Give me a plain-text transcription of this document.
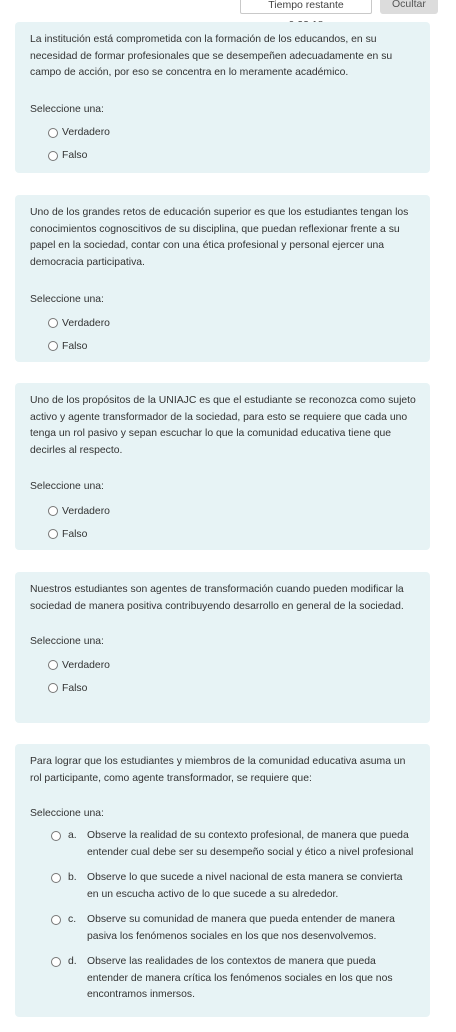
Tiempo restante	Ocultar

La institución está comprometida con la formación de los educandos, en su necesidad de formar profesionales que se desempeñen adecuadamente en su campo de acción, por eso se concentra en lo meramente académico.

Seleccione una:

Verdadero
Falso

Uno de los grandes retos de educación superior es que los estudiantes tengan los conocimientos cognoscitivos de su disciplina, que puedan reflexionar frente a su papel en la sociedad, contar con una ética profesional y personal ejercer una democracia participativa.

Seleccione una:

Verdadero
Falso

Uno de los propósitos de la UNIAJC es que el estudiante se reconozca como sujeto activo y agente transformador de la sociedad, para esto se requiere que cada uno tenga un rol pasivo y sepan escuchar lo que la comunidad educativa tiene que decirles al respecto.

Seleccione una:

Verdadero
Falso

Nuestros estudiantes son agentes de transformación cuando pueden modificar la sociedad de manera positiva contribuyendo desarrollo en general de la sociedad.

Seleccione una:

Verdadero
Falso

Para lograr que los estudiantes y miembros de la comunidad educativa asuma un rol participante, como agente transformador, se requiere que:

Seleccione una:

a. Observe la realidad de su contexto profesional, de manera que pueda entender cual debe ser su desempeño social y ético a nivel profesional
b. Observe lo que sucede a nivel nacional de esta manera se convierta en un escucha activo de lo que sucede a su alrededor.
c.	Observe su comunidad de manera que pueda entender de manera pasiva los fenómenos sociales en los que nos desenvolvemos.
d. Observe las realidades de los contextos de manera que pueda entender de manera crítica los fenómenos sociales en los que nos encontramos inmersos.
